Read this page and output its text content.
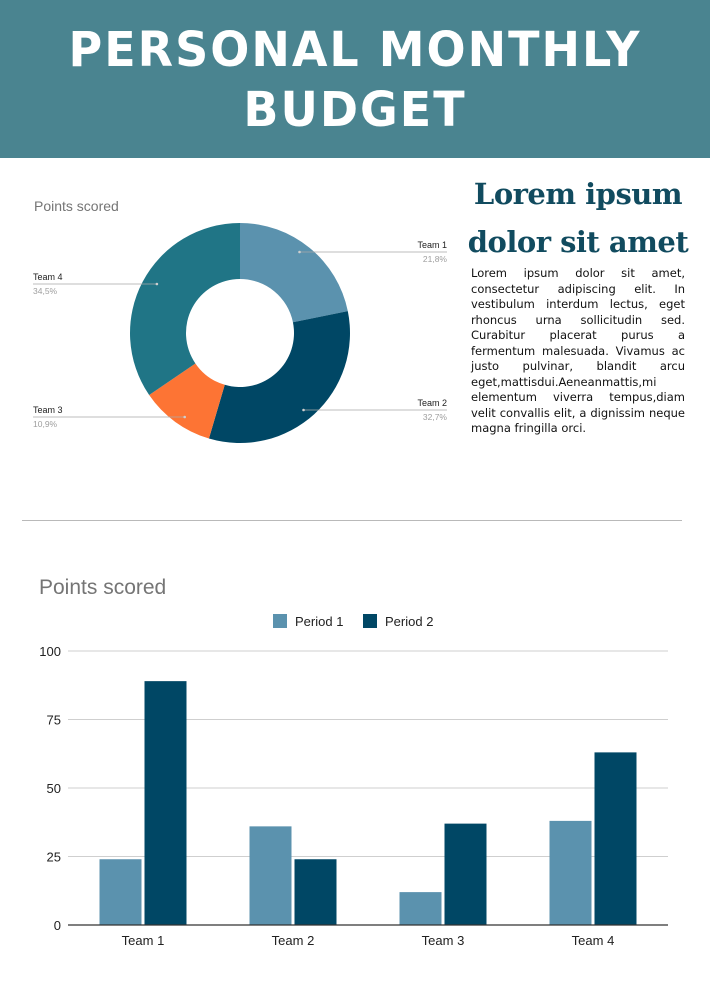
PERSONAL MONTHLY
BUDGET
Points scored
Team 1
21,8%
Team 2
32,7%
Team 3
10,9%
Team 4
34,5%
Lorem ipsum dolor sit amet
Lorem ipsum dolor sit amet, consectetur adipiscing elit. In vestibulum interdum lectus, eget rhoncus urna sollicitudin sed. Curabitur placerat purus a fermentum malesuada. Vivamus ac justo pulvinar, blandit arcu eget,mattisdui.Aeneanmattis,mi elementum viverra tempus,diam velit convallis elit, a dignissim neque magna fringilla orci.
Points scored
Period 1	Period 2
0
25
50
75
100
Team 1	Team 2	Team 3	Team 4
